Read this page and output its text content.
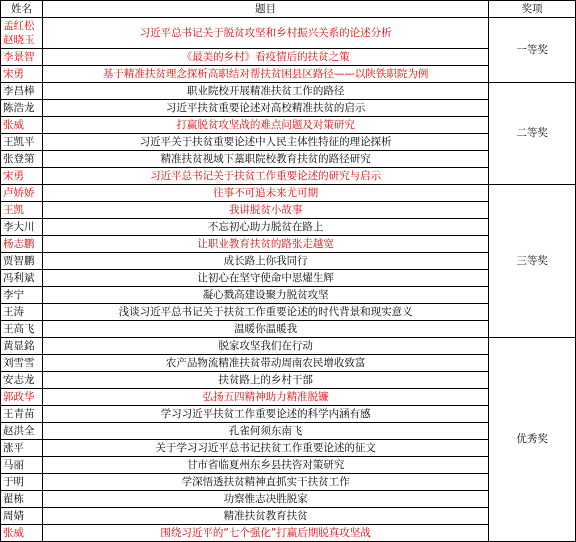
姓名	题目	奖项

孟红松
赵晓玉	习近平总书记关于脱贫攻坚和乡村振兴关系的论述分析	一等奖

李景智	《最美的乡村》看疫情后的扶贫之策	

宋勇	基于精准扶贫理念探析高职结对帮扶贫困县区路径——以陕铁职院为例	

李昌棒	职业院校开展精准扶贫工作的路径	二等奖

陈浩龙	习近平扶贫重要论述对高校精准扶贫的启示	

张威	打赢脱贫攻坚战的难点问题及对策研究	

王凯平	习近平关于扶贫重要论述中人民主体性特征的理论探析	

张登第	精准扶贫视域下藁职院校教育扶贫的路径研究	

宋勇	习近平总书记关于扶贫工作重要论述的研究与启示	

卢娇娇	往事不可追未来尤可期	三等奖

王凯	我讲脱贫小故事	

李大川	不忘初心助力脱贫在路上	

杨志鹏	让职业教育扶贫的路张走越宽	

贾智鹏	成长路上你我同行	

冯利斌	让初心在坚守使命中思燿生辉	

李宁	凝心戮高建设聚力脱贫攻坚	

王涛	浅谈习近平总书记关于扶贫工作重要论述的时代背景和现实意义	

王高飞	温暖你温暖我	

黄显銘	脱家攻坚我们在行动	优秀奖

刘雪雪	农产品物流精准扶贫带动周南农民增收致富	

安志龙	扶贫路上的乡村干部	

郭政华	弘扬五四精神助力精准脱镰	

王青苗	学习习近平扶贫工作重要论述的科学内涵有感	

赵洪全	孔雀何须东南飞	

涨平	关于学习习近平总书记扶贫工作重要论述的征文	

马丽	甘市省临夏州东乡县扶咨对策研究	

于明	学深悟透扶贫精神直抓实干扶贫工作	

翟栋	功察惟志决胜脱家	

周婧	精准扶贫教育扶贫	

张威	围绕习近平的“七个强化”打赢后期脱真攻坚战	
